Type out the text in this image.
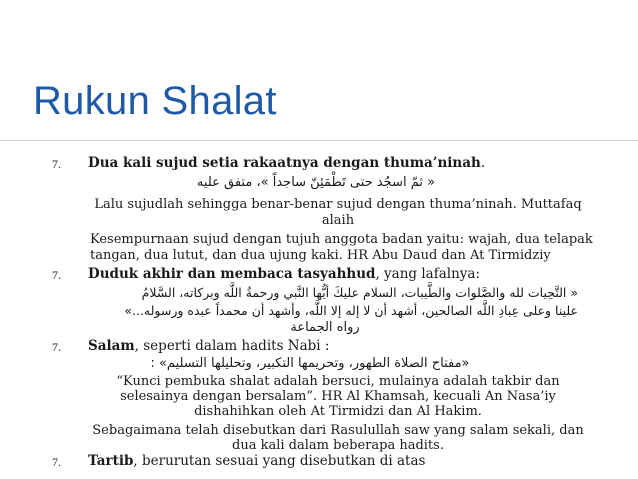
Rukun Shalat
7. Dua kali sujud setia rakaatnya dengan thuma’ninah.
« ثمّ اسجُد حتى تَطْمَئِنّ ساجداً »، متفق عليه
Lalu sujudlah sehingga benar-benar sujud dengan thuma’ninah. Muttafaq
alaih
Kesempurnaan sujud dengan tujuh anggota badan yaitu: wajah, dua telapak
tangan, dua lutut, dan dua ujung kaki. HR Abu Daud dan At Tirmidziy
7. Duduk akhir dan membaca tasyahhud, yang lafalnya:
« التَّحِيات لله والصَّلوات والطَّيبات، السلام عليكَ أيُّها النَّبي ورحمةُ اللَّه وبركاته، السَّلامُ
علينا وعلى عِبادِ اللَّه الصالحين، أشهد أن لا إله إلا اللَّه، وأشهد أن محمداً عبده ورسوله...»
رواه الجماعة
7. Salam, seperti dalam hadits Nabi :
«مفتاح الصلاة الطهور، وتحريمها التكبير، وتحليلها التسليم» :
“Kunci pembuka shalat adalah bersuci, mulainya adalah takbir dan
selesainya dengan bersalam”. HR Al Khamsah, kecuali An Nasa’iy
dishahihkan oleh At Tirmidzi dan Al Hakim.
Sebagaimana telah disebutkan dari Rasulullah saw yang salam sekali, dan
dua kali dalam beberapa hadits.
7. Tartib, berurutan sesuai yang disebutkan di atas
